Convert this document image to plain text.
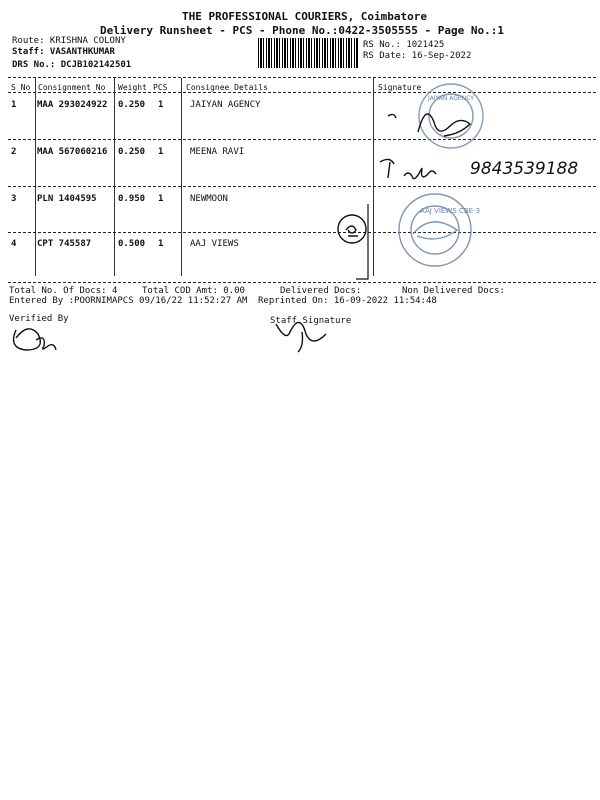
THE PROFESSIONAL COURIERS, Coimbatore
Delivery Runsheet - PCS - Phone No.:0422-3505555 - Page No.:1
Route: KRISHNA COLONY
Staff: VASANTHKUMAR
DRS No.: DCJB102142501
RS No.: 1021425
RS Date: 16-Sep-2022
S No Consignment No Weight PCS Consignee Details	Signature
1 MAA 293024922 0.250 1	JAIYAN AGENCY
2 MAA 567060216 0.250 1	MEENA RAVI
3 PLN 1404595 0.950 1	NEWMOON
4 CPT 745587	0.500 1	AAJ VIEWS
9843539188
AAJ VIEWS CBE-3
JAIYAN AGENCY
Total No. Of Docs: 4	Total COD Amt: 0.00	Delivered Docs:	Non Delivered Docs:
Entered By :POORNIMAPCS 09/16/22 11:52:27 AM Reprinted On: 16-09-2022 11:54:48
Verified By	Staff Signature
